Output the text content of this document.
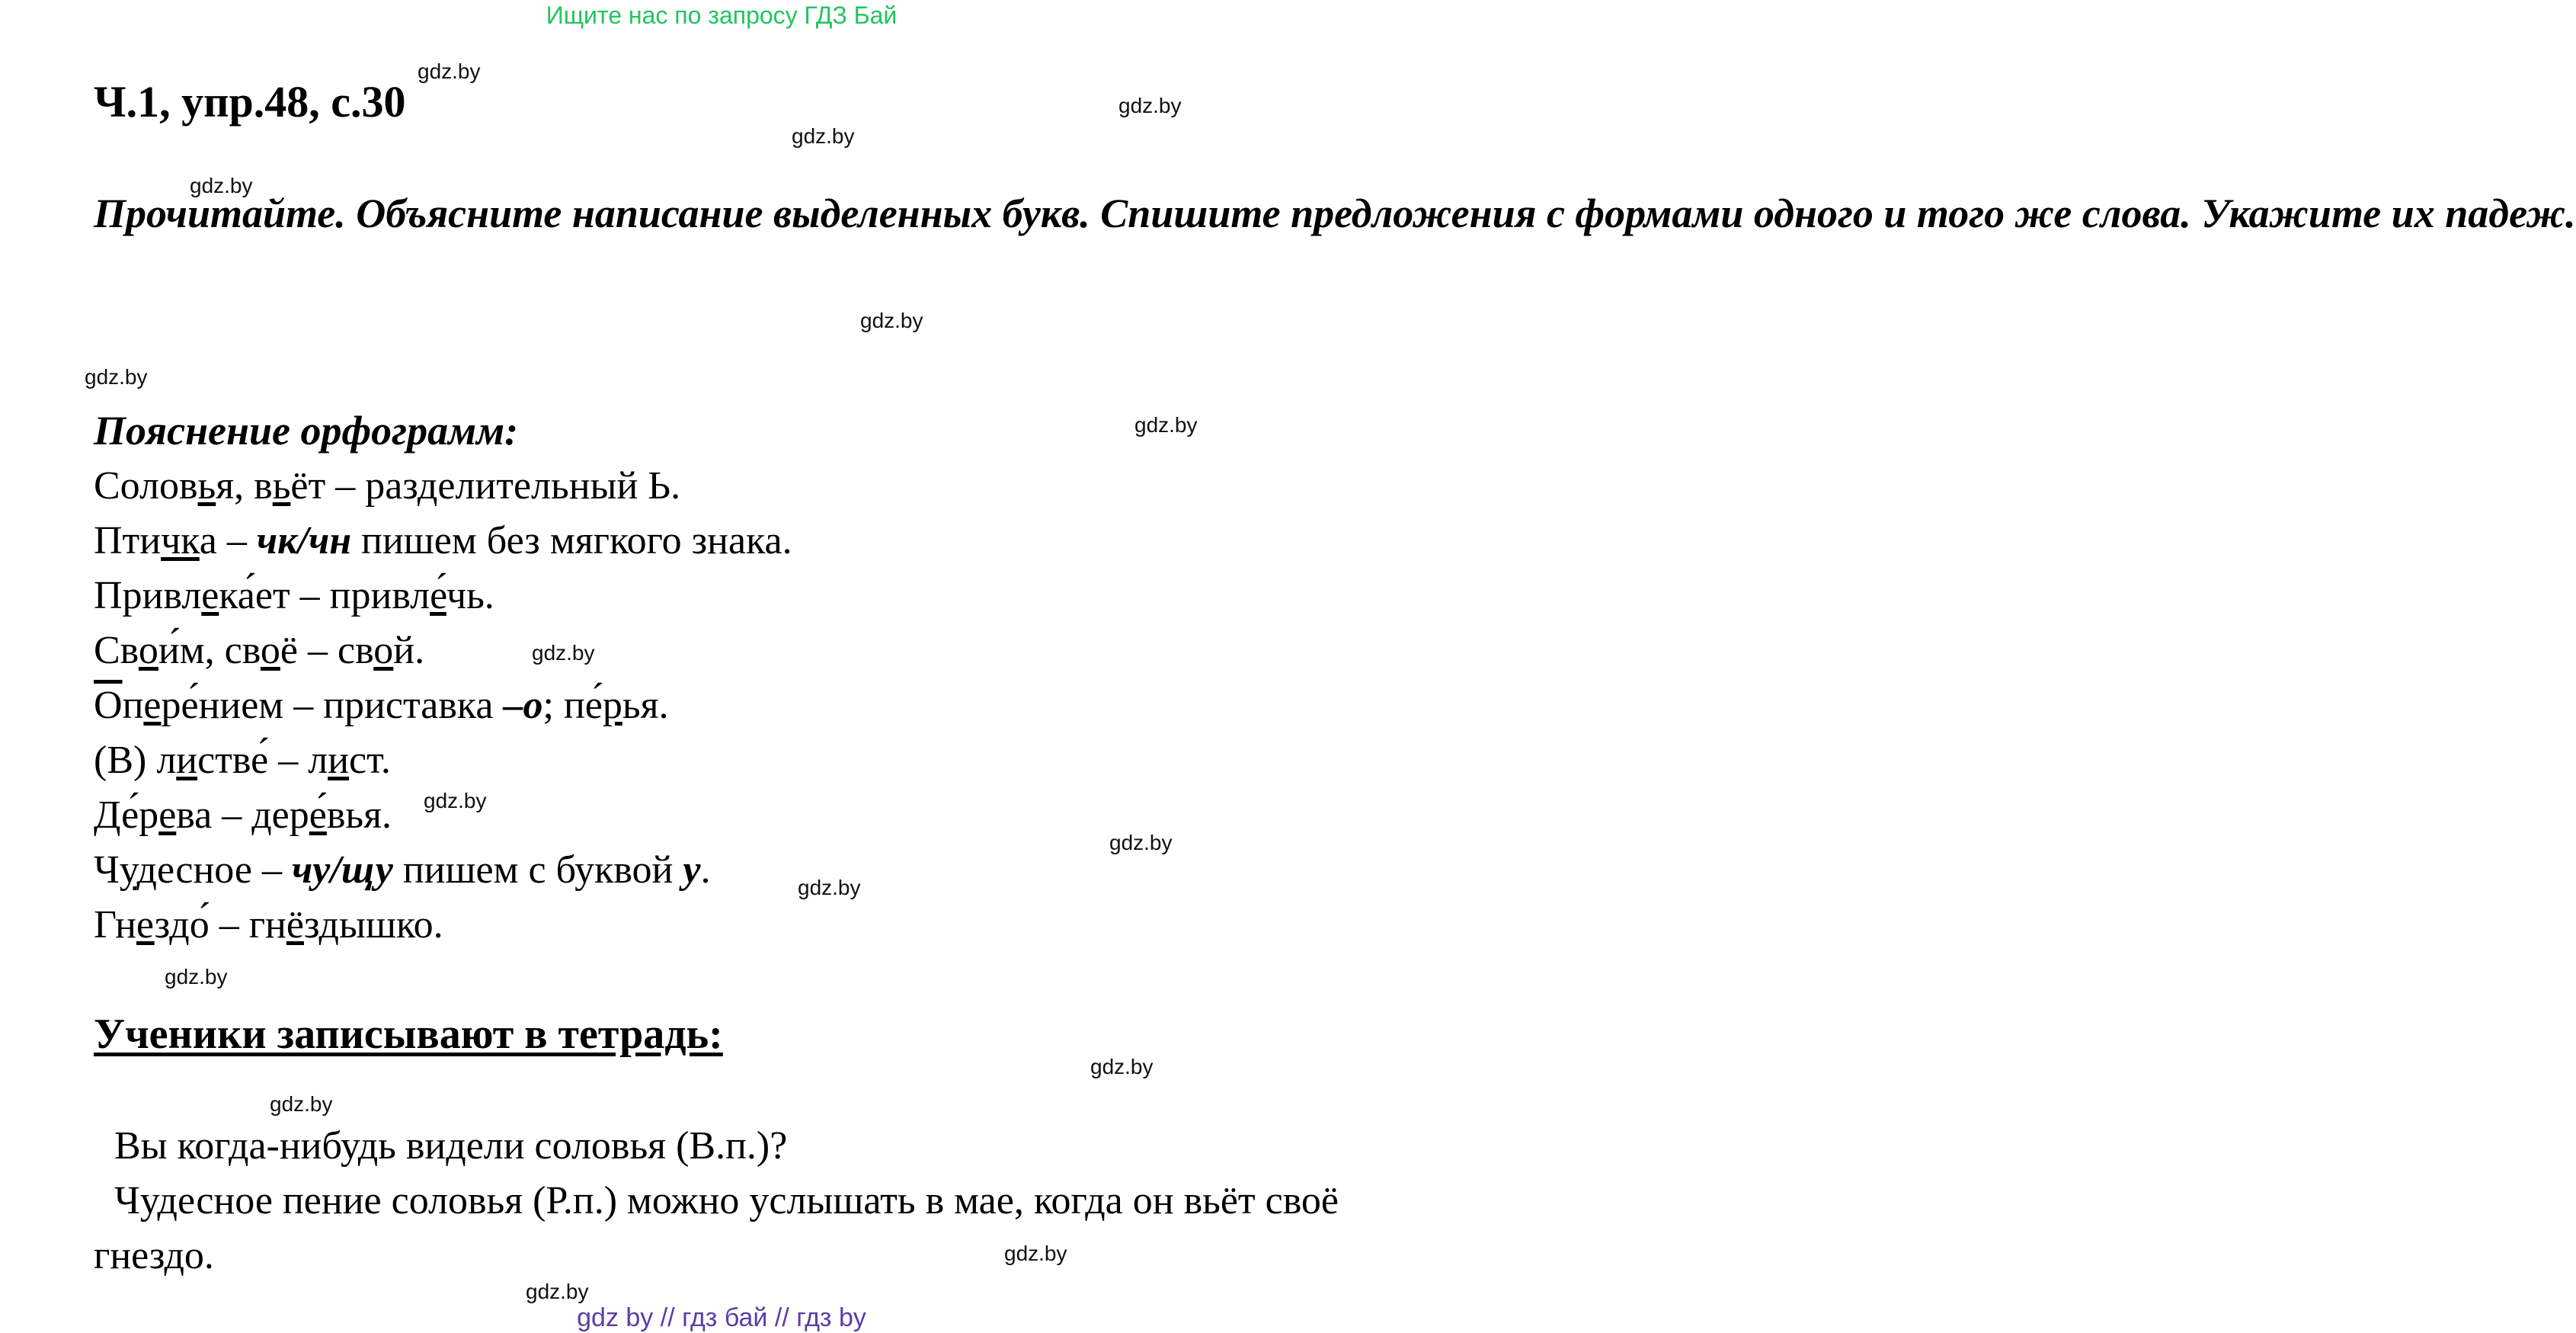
Ищите нас по запросу ГДЗ Бай
Ч.1, упр.48, с.30
Прочитайте. Объясните написание выделенных букв. Спишите предложения с формами одного и того же слова. Укажите их падеж.
Пояснение орфограмм:
Соловья, вьёт – разделительный Ь.
Птичка – чк/чн пишем без мягкого знака.
Привлека́ет – привле́чь.
Свои́м, своё – свой.
Опере́нием – приставка –о; пе́рья.
(В) листве́ – лист.
Де́рева – дере́вья.
Чудесное – чу/щу пишем с буквой у.
Гнездо́ – гнёздышко.
Ученики записывают в тетрадь:

Вы когда-нибудь видели соловья (В.п.)?

Чудесное пение соловья (Р.п.) можно услышать в мае, когда он вьёт своё гнездо.

gdz.by
gdz.by
gdz.by
gdz.by
gdz.by
gdz.by
gdz.by
gdz.by
gdz.by
gdz.by
gdz.by
gdz.by
gdz.by
gdz.by
gdz.by
gdz.by
gdz by // гдз бай // гдз by
